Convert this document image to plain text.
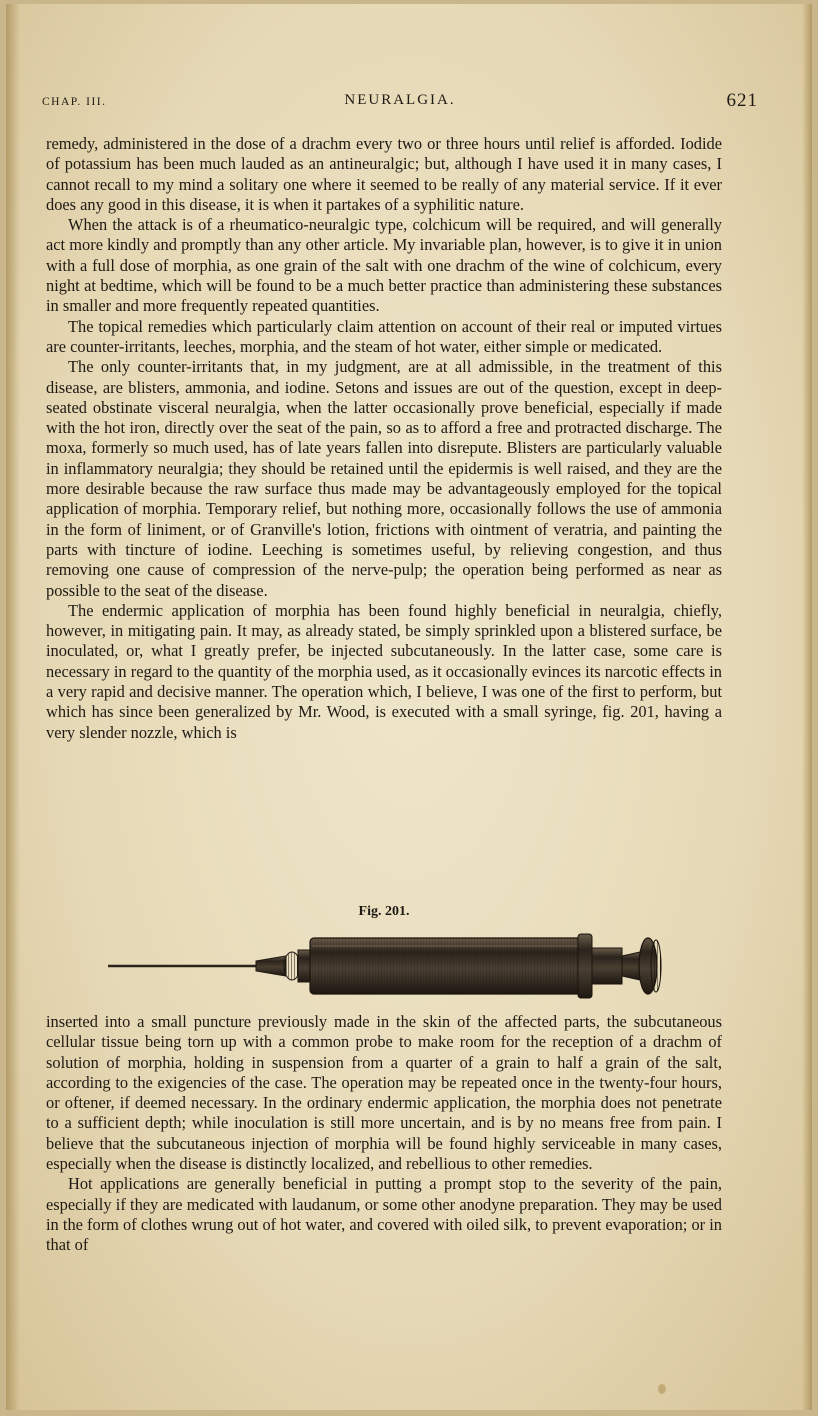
CHAP. III.	NEURALGIA.	621

remedy, administered in the dose of a drachm every two or three hours until relief is afforded. Iodide of potassium has been much lauded as an antineuralgic; but, although I have used it in many cases, I cannot recall to my mind a solitary one where it seemed to be really of any material service. If it ever does any good in this disease, it is when it partakes of a syphilitic nature.

When the attack is of a rheumatico-neuralgic type, colchicum will be required, and will generally act more kindly and promptly than any other article. My invariable plan, however, is to give it in union with a full dose of morphia, as one grain of the salt with one drachm of the wine of colchicum, every night at bedtime, which will be found to be a much better practice than administering these substances in smaller and more frequently repeated quantities.

The topical remedies which particularly claim attention on account of their real or imputed virtues are counter-irritants, leeches, morphia, and the steam of hot water, either simple or medicated.

The only counter-irritants that, in my judgment, are at all admissible, in the treatment of this disease, are blisters, ammonia, and iodine. Setons and issues are out of the question, except in deep-seated obstinate visceral neuralgia, when the latter occasionally prove beneficial, especially if made with the hot iron, directly over the seat of the pain, so as to afford a free and protracted discharge. The moxa, formerly so much used, has of late years fallen into disrepute. Blisters are particularly valuable in inflammatory neuralgia; they should be retained until the epidermis is well raised, and they are the more desirable because the raw surface thus made may be advantageously employed for the topical application of morphia. Temporary relief, but nothing more, occasionally follows the use of ammonia in the form of liniment, or of Granville's lotion, frictions with ointment of veratria, and painting the parts with tincture of iodine. Leeching is sometimes useful, by relieving congestion, and thus removing one cause of compression of the nerve-pulp; the operation being performed as near as possible to the seat of the disease.

The endermic application of morphia has been found highly beneficial in neuralgia, chiefly, however, in mitigating pain. It may, as already stated, be simply sprinkled upon a blistered surface, be inoculated, or, what I greatly prefer, be injected subcutaneously. In the latter case, some care is necessary in regard to the quantity of the morphia used, as it occasionally evinces its narcotic effects in a very rapid and decisive manner. The operation which, I believe, I was one of the first to perform, but which has since been generalized by Mr. Wood, is executed with a small syringe, fig. 201, having a very slender nozzle, which is

Fig. 201.

inserted into a small puncture previously made in the skin of the affected parts, the subcutaneous cellular tissue being torn up with a common probe to make room for the reception of a drachm of solution of morphia, holding in suspension from a quarter of a grain to half a grain of the salt, according to the exigencies of the case. The operation may be repeated once in the twenty-four hours, or oftener, if deemed necessary. In the ordinary endermic application, the morphia does not penetrate to a sufficient depth; while inoculation is still more uncertain, and is by no means free from pain. I believe that the subcutaneous injection of morphia will be found highly serviceable in many cases, especially when the disease is distinctly localized, and rebellious to other remedies.

Hot applications are generally beneficial in putting a prompt stop to the severity of the pain, especially if they are medicated with laudanum, or some other anodyne preparation. They may be used in the form of clothes wrung out of hot water, and covered with oiled silk, to prevent evaporation; or in that of
